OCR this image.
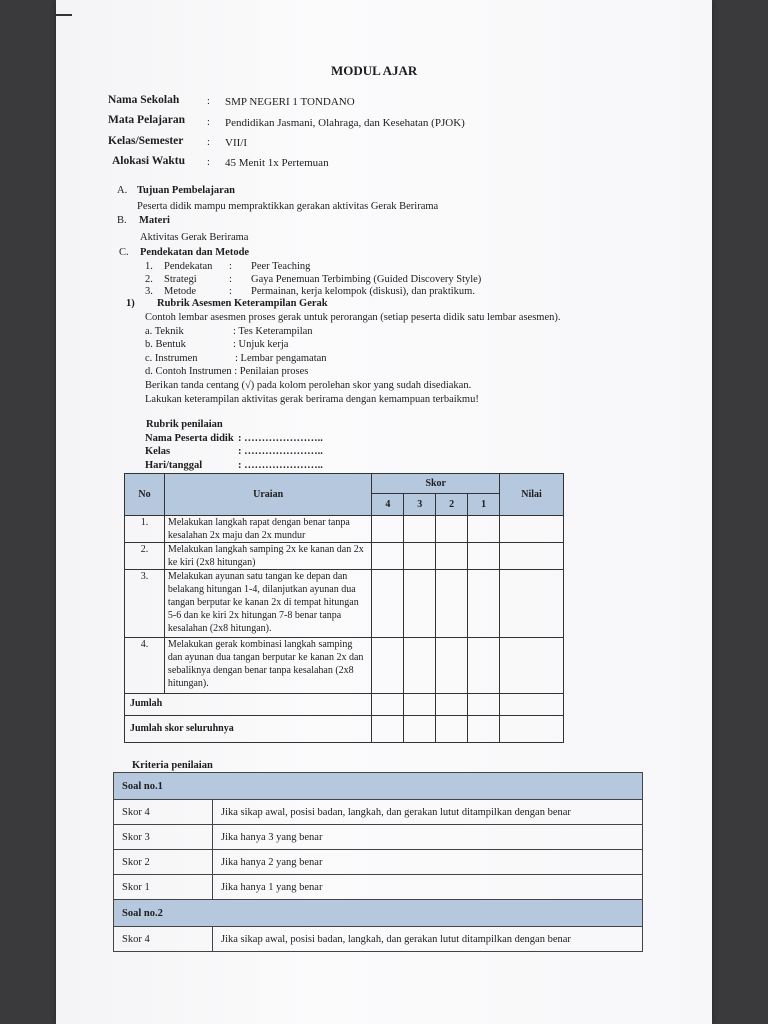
MODUL AJAR
Nama Sekolah	: SMP NEGERI 1 TONDANO
Mata Pelajaran : Pendidikan Jasmani, Olahraga, dan Kesehatan (PJOK)
Kelas/Semester : VII/I
Alokasi Waktu : 45 Menit 1x Pertemuan
A. Tujuan Pembelajaran
Peserta didik mampu mempraktikkan gerakan aktivitas Gerak Berirama
B. Materi
Aktivitas Gerak Berirama
C. Pendekatan dan Metode
1. Pendekatan : Peer Teaching
2. Strategi	: Gaya Penemuan Terbimbing (Guided Discovery Style)
3. Metode	: Permainan, kerja kelompok (diskusi), dan praktikum.
1) Rubrik Asesmen Keterampilan Gerak
Contoh lembar asesmen proses gerak untuk perorangan (setiap peserta didik satu lembar asesmen).
a. Teknik	: Tes Keterampilan
b. Bentuk	: Unjuk kerja
c. Instrumen	: Lembar pengamatan
d. Contoh Instrumen : Penilaian proses
Berikan tanda centang (√) pada kolom perolehan skor yang sudah disediakan.
Lakukan keterampilan aktivitas gerak berirama dengan kemampuan terbaikmu!
Rubrik penilaian
Nama Peserta didik : …………………..
Kelas	: …………………..
Hari/tanggal	: …………………..
No	Uraian	Skor				Nilai
		4	3	2	1	
1.	Melakukan langkah rapat dengan benar tanpa kesalahan 2x maju dan 2x mundur					
2.	Melakukan langkah samping 2x ke kanan dan 2x ke kiri (2x8 hitungan)					
3.	Melakukan ayunan satu tangan ke depan dan belakang hitungan 1-4, dilanjutkan ayunan dua tangan berputar ke kanan 2x di tempat hitungan 5-6 dan ke kiri 2x hitungan 7-8 benar tanpa kesalahan (2x8 hitungan).					
4.	Melakukan gerak kombinasi langkah samping dan ayunan dua tangan berputar ke kanan 2x dan sebaliknya dengan benar tanpa kesalahan (2x8 hitungan).					
Jumlah						
Jumlah skor seluruhnya						
Kriteria penilaian
Soal no.1	
Skor 4	Jika sikap awal, posisi badan, langkah, dan gerakan lutut ditampilkan dengan benar
Skor 3	Jika hanya 3 yang benar
Skor 2	Jika hanya 2 yang benar
Skor 1	Jika hanya 1 yang benar
Soal no.2	
Skor 4	Jika sikap awal, posisi badan, langkah, dan gerakan lutut ditampilkan dengan benar
